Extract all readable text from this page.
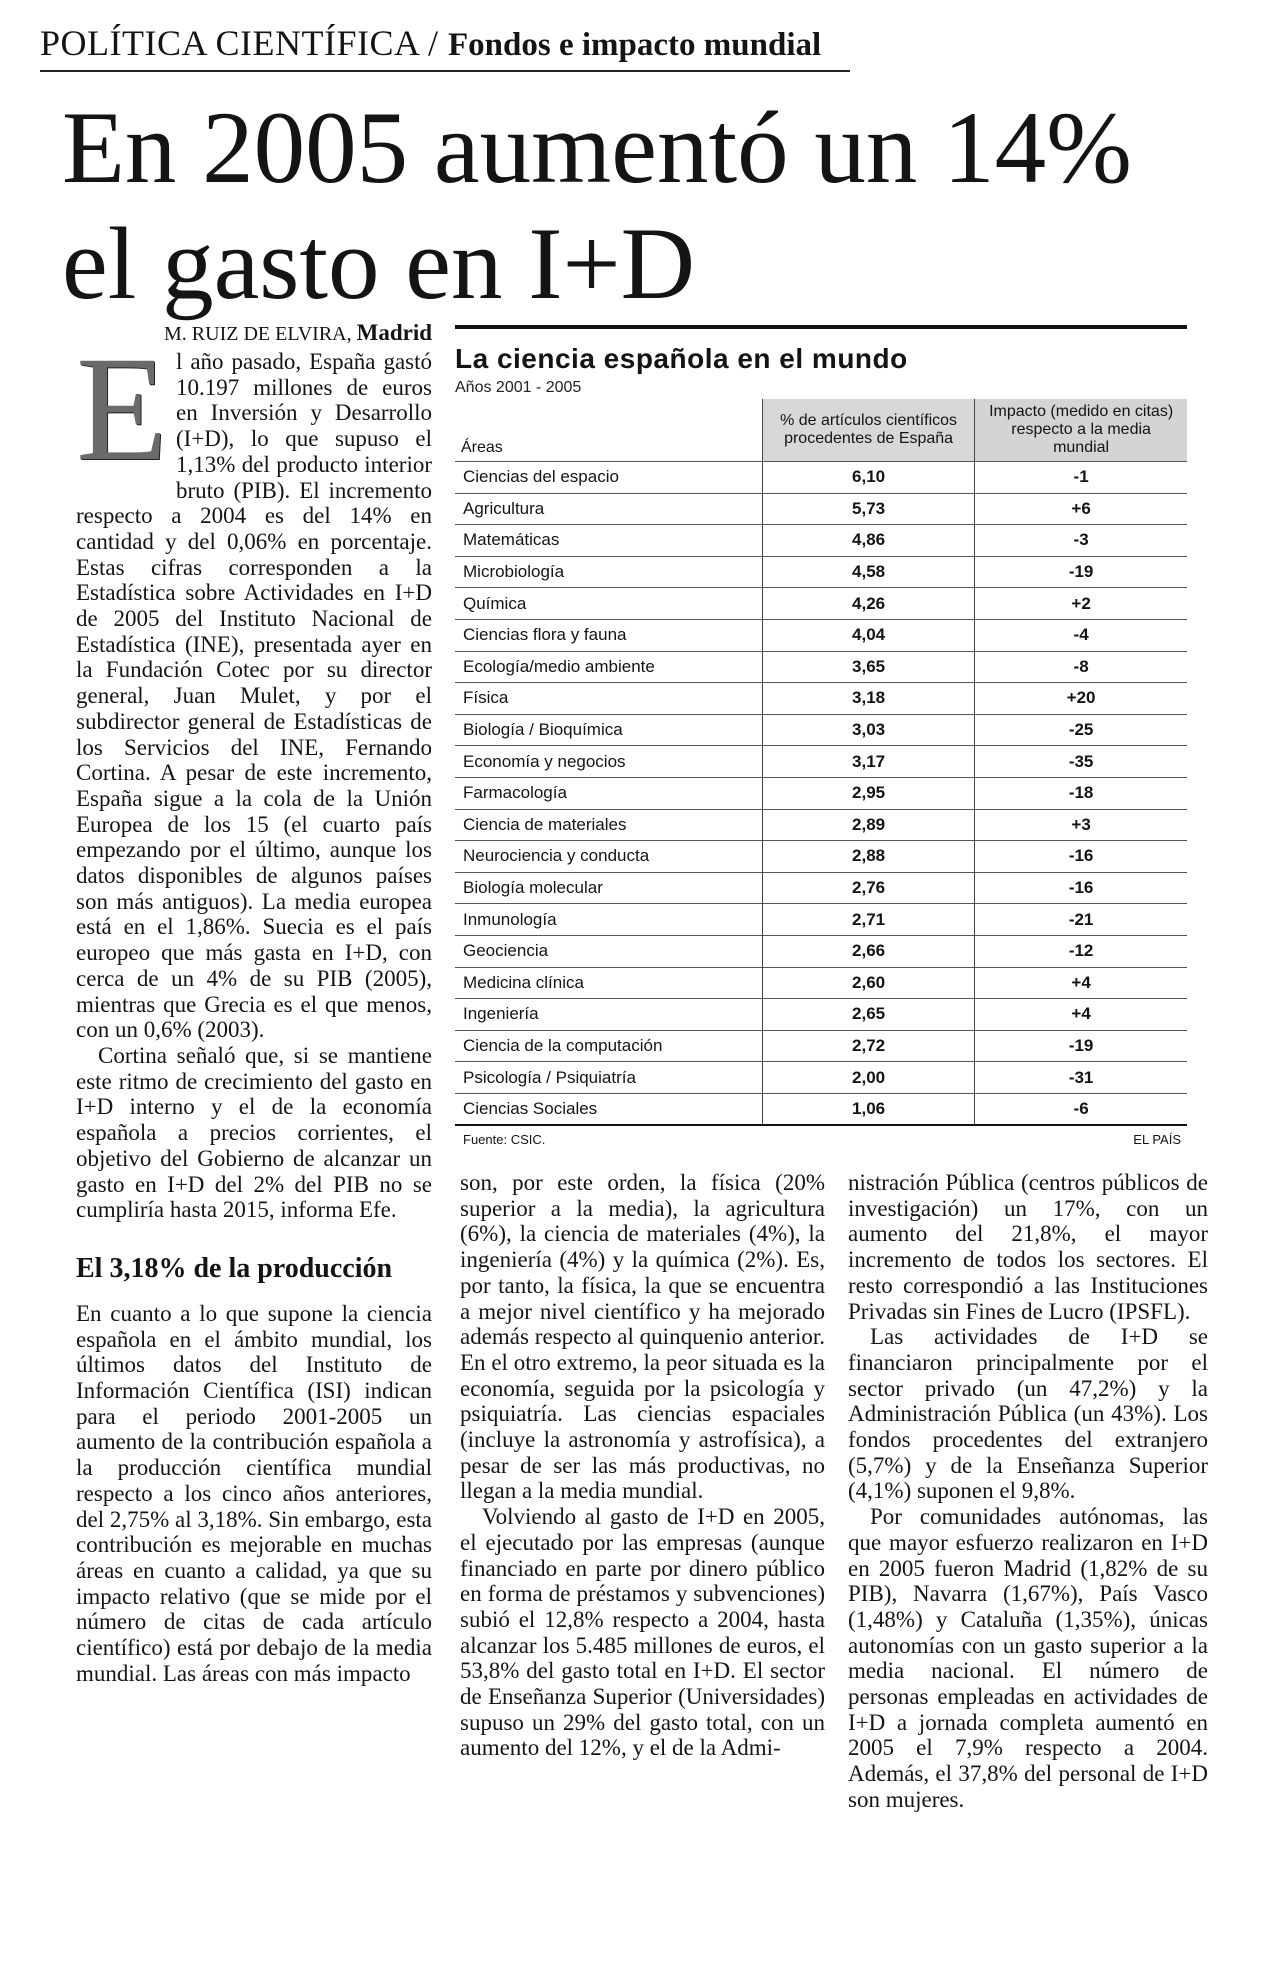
POLÍTICA CIENTÍFICA / Fondos e impacto mundial
En 2005 aumentó un 14%
el gasto en I+D
M. RUIZ DE ELVIRA, Madrid

El año pasado, España gastó 10.197 millones de euros en Inversión y Desarrollo (I+D), lo que supuso el 1,13% del producto interior bruto (PIB). El incremento respecto a 2004 es del 14% en cantidad y del 0,06% en porcentaje. Estas cifras corresponden a la Estadística sobre Actividades en I+D de 2005 del Instituto Nacional de Estadística (INE), presentada ayer en la Fundación Cotec por su director general, Juan Mulet, y por el subdirector general de Estadísticas de los Servicios del INE, Fernando Cortina. A pesar de este incremento, España sigue a la cola de la Unión Europea de los 15 (el cuarto país empezando por el último, aunque los datos disponibles de algunos países son más antiguos). La media europea está en el 1,86%. Suecia es el país europeo que más gasta en I+D, con cerca de un 4% de su PIB (2005), mientras que Grecia es el que menos, con un 0,6% (2003).

Cortina señaló que, si se mantiene este ritmo de crecimiento del gasto en I+D interno y el de la economía española a precios corrientes, el objetivo del Gobierno de alcanzar un gasto en I+D del 2% del PIB no se cumpliría hasta 2015, informa Efe.

El 3,18% de la producción

En cuanto a lo que supone la ciencia española en el ámbito mundial, los últimos datos del Instituto de Información Científica (ISI) indican para el periodo 2001-2005 un aumento de la contribución española a la producción científica mundial respecto a los cinco años anteriores, del 2,75% al 3,18%. Sin embargo, esta contribución es mejorable en muchas áreas en cuanto a calidad, ya que su impacto relativo (que se mide por el número de citas de cada artículo científico) está por debajo de la media mundial. Las áreas con más impacto

La ciencia española en el mundo
Años 2001 - 2005
Áreas	% de artículos científicos procedentes de España	Impacto (medido en citas) respecto a la media mundial
Ciencias del espacio	6,10	-1
Agricultura	5,73	+6
Matemáticas	4,86	-3
Microbiología	4,58	-19
Química	4,26	+2
Ciencias flora y fauna	4,04	-4
Ecología/medio ambiente	3,65	-8
Física	3,18	+20
Biología / Bioquímica	3,03	-25
Economía y negocios	3,17	-35
Farmacología	2,95	-18
Ciencia de materiales	2,89	+3
Neurociencia y conducta	2,88	-16
Biología molecular	2,76	-16
Inmunología	2,71	-21
Geociencia	2,66	-12
Medicina clínica	2,60	+4
Ingeniería	2,65	+4
Ciencia de la computación	2,72	-19
Psicología / Psiquiatría	2,00	-31
Ciencias Sociales	1,06	-6
Fuente: CSIC.	EL PAÍS

son, por este orden, la física (20% superior a la media), la agricultura (6%), la ciencia de materiales (4%), la ingeniería (4%) y la química (2%). Es, por tanto, la física, la que se encuentra a mejor nivel científico y ha mejorado además respecto al quinquenio anterior. En el otro extremo, la peor situada es la economía, seguida por la psicología y psiquiatría. Las ciencias espaciales (incluye la astronomía y astrofísica), a pesar de ser las más productivas, no llegan a la media mundial.

Volviendo al gasto de I+D en 2005, el ejecutado por las empresas (aunque financiado en parte por dinero público en forma de préstamos y subvenciones) subió el 12,8% respecto a 2004, hasta alcanzar los 5.485 millones de euros, el 53,8% del gasto total en I+D. El sector de Enseñanza Superior (Universidades) supuso un 29% del gasto total, con un aumento del 12%, y el de la Admi-

nistración Pública (centros públicos de investigación) un 17%, con un aumento del 21,8%, el mayor incremento de todos los sectores. El resto correspondió a las Instituciones Privadas sin Fines de Lucro (IPSFL).

Las actividades de I+D se financiaron principalmente por el sector privado (un 47,2%) y la Administración Pública (un 43%). Los fondos procedentes del extranjero (5,7%) y de la Enseñanza Superior (4,1%) suponen el 9,8%.

Por comunidades autónomas, las que mayor esfuerzo realizaron en I+D en 2005 fueron Madrid (1,82% de su PIB), Navarra (1,67%), País Vasco (1,48%) y Cataluña (1,35%), únicas autonomías con un gasto superior a la media nacional. El número de personas empleadas en actividades de I+D a jornada completa aumentó en 2005 el 7,9% respecto a 2004. Además, el 37,8% del personal de I+D son mujeres.
